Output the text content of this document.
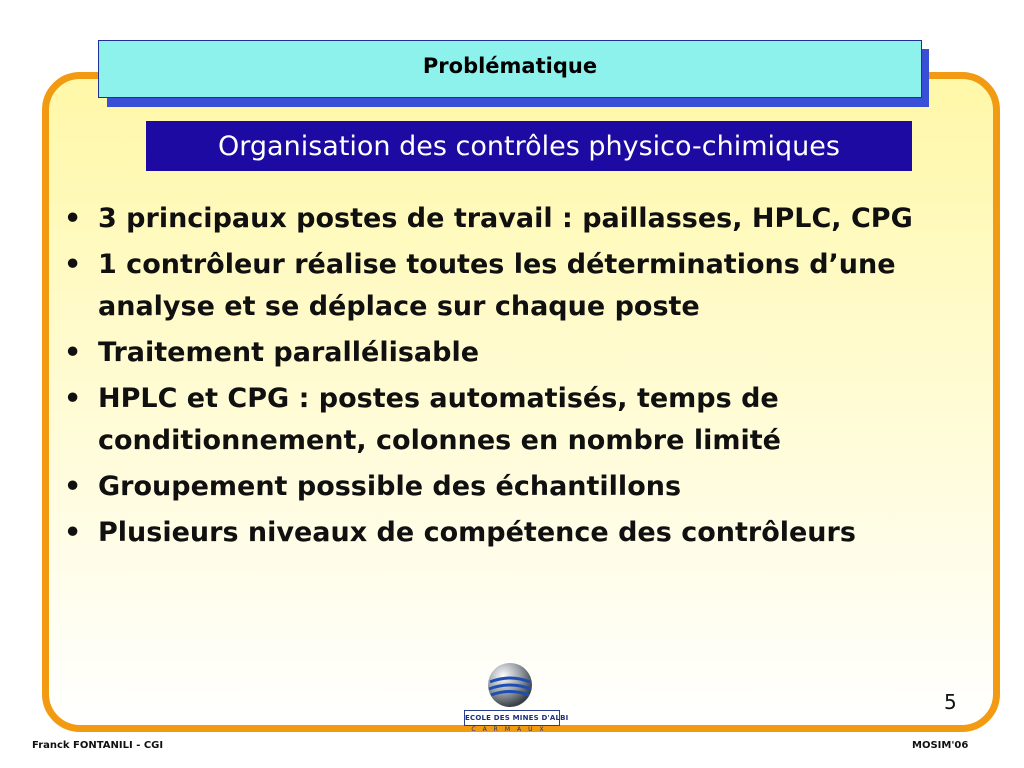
Problématique
Organisation des contrôles physico-chimiques
• 3 principaux postes de travail : paillasses, HPLC, CPG
• 1 contrôleur réalise toutes les déterminations d’une analyse et se déplace sur chaque poste
• Traitement parallélisable
• HPLC et CPG : postes automatisés, temps de conditionnement, colonnes en nombre limité
• Groupement possible des échantillons
• Plusieurs niveaux de compétence des contrôleurs
5
ECOLE DES MINES D'ALBI
CARMAUX
Franck FONTANILI - CGI	MOSIM'06
